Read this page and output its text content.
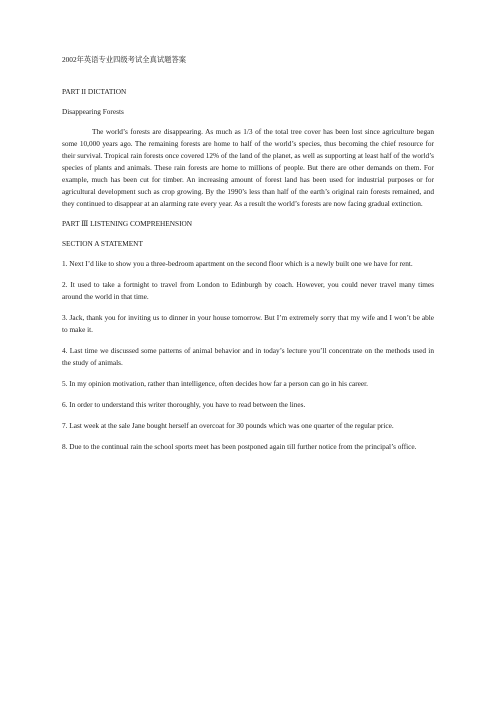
2002年英语专业四级考试全真试题答案
PART II DICTATION
Disappearing Forests

The world’s forests are disappearing. As much as 1/3 of the total tree cover has been lost since agriculture began some 10,000 years ago. The remaining forests are home to half of the world’s species, thus becoming the chief resource for their survival. Tropical rain forests once covered 12% of the land of the planet, as well as supporting at least half of the world’s species of plants and animals. These rain forests are home to millions of people. But there are other demands on them. For example, much has been cut for timber. An increasing amount of forest land has been used for industrial purposes or for agricultural development such as crop growing. By the 1990’s less than half of the earth’s original rain forests remained, and they continued to disappear at an alarming rate every year. As a result the world’s forests are now facing gradual extinction.

PART Ⅲ LISTENING COMPREHENSION
SECTION A STATEMENT

1. Next I’d like to show you a three-bedroom apartment on the second floor which is a newly built one we have for rent.

2. It used to take a fortnight to travel from London to Edinburgh by coach. However, you could never travel many times around the world in that time.

3. Jack, thank you for inviting us to dinner in your house tomorrow. But I’m extremely sorry that my wife and I won’t be able to make it.

4. Last time we discussed some patterns of animal behavior and in today’s lecture you’ll concentrate on the methods used in the study of animals.

5. In my opinion motivation, rather than intelligence, often decides how far a person can go in his career.

6. In order to understand this writer thoroughly, you have to read between the lines.

7. Last week at the sale Jane bought herself an overcoat for 30 pounds which was one quarter of the regular price.

8. Due to the continual rain the school sports meet has been postponed again till further notice from the principal’s office.
